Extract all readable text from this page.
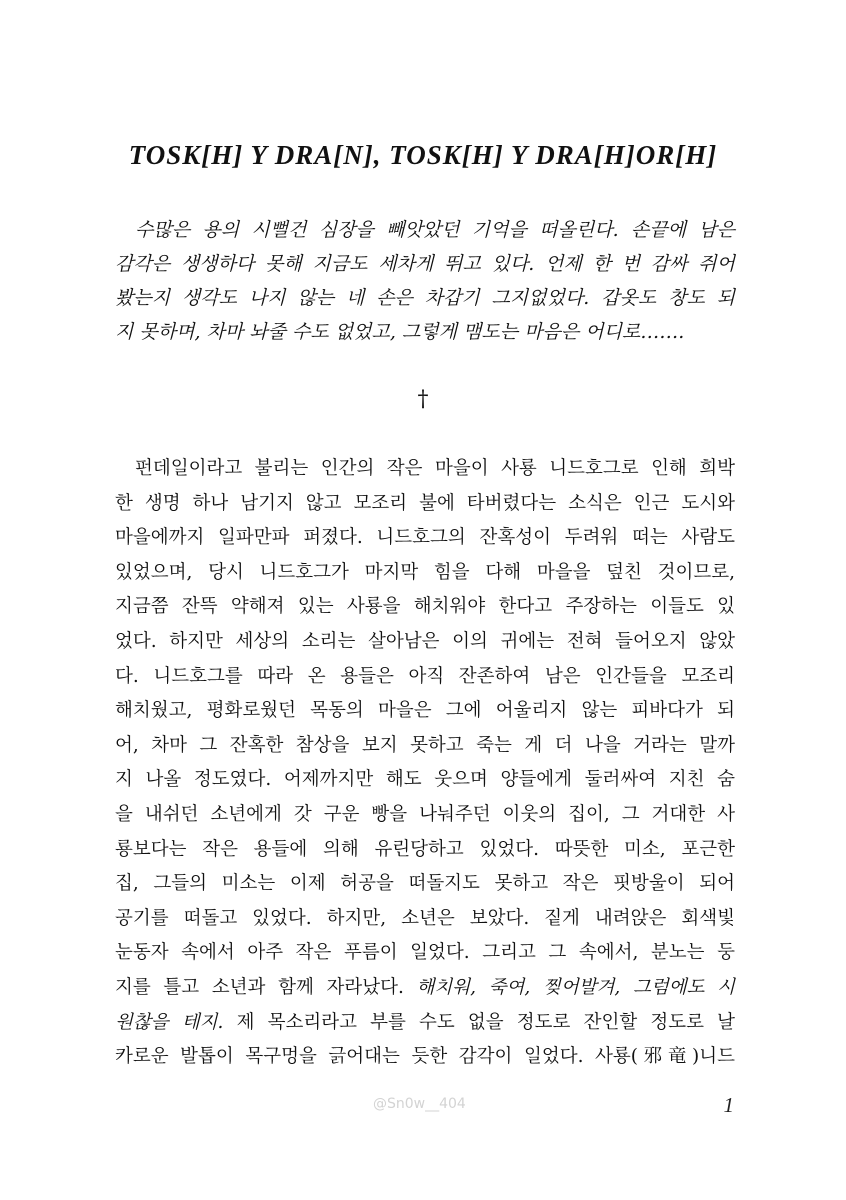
TOSK[H] Y DRA[N], TOSK[H] Y DRA[H]OR[H]
수많은 용의 시뻘건 심장을 빼앗았던 기억을 떠올린다. 손끝에 남은
감각은 생생하다 못해 지금도 세차게 뛰고 있다. 언제 한 번 감싸 쥐어
봤는지 생각도 나지 않는 네 손은 차갑기 그지없었다. 갑옷도 창도 되
지 못하며, 차마 놔줄 수도 없었고, 그렇게 맴도는 마음은 어디로…….
†
펀데일이라고 불리는 인간의 작은 마을이 사룡 니드호그로 인해 희박
한 생명 하나 남기지 않고 모조리 불에 타버렸다는 소식은 인근 도시와
마을에까지 일파만파 퍼졌다. 니드호그의 잔혹성이 두려워 떠는 사람도
있었으며, 당시 니드호그가 마지막 힘을 다해 마을을 덮친 것이므로,
지금쯤 잔뜩 약해져 있는 사룡을 해치워야 한다고 주장하는 이들도 있
었다. 하지만 세상의 소리는 살아남은 이의 귀에는 전혀 들어오지 않았
다. 니드호그를 따라 온 용들은 아직 잔존하여 남은 인간들을 모조리
해치웠고, 평화로웠던 목동의 마을은 그에 어울리지 않는 피바다가 되
어, 차마 그 잔혹한 참상을 보지 못하고 죽는 게 더 나을 거라는 말까
지 나올 정도였다. 어제까지만 해도 웃으며 양들에게 둘러싸여 지친 숨
을 내쉬던 소년에게 갓 구운 빵을 나눠주던 이웃의 집이, 그 거대한 사
룡보다는 작은 용들에 의해 유린당하고 있었다. 따뜻한 미소, 포근한
집, 그들의 미소는 이제 허공을 떠돌지도 못하고 작은 핏방울이 되어
공기를 떠돌고 있었다. 하지만, 소년은 보았다. 짙게 내려앉은 회색빛
눈동자 속에서 아주 작은 푸름이 일었다. 그리고 그 속에서, 분노는 둥
지를 틀고 소년과 함께 자라났다. 해치워, 죽여, 찢어발겨, 그럼에도 시
원찮을 테지. 제 목소리라고 부를 수도 없을 정도로 잔인할 정도로 날
카로운 발톱이 목구멍을 긁어대는 듯한 감각이 일었다. 사룡(邪竜)니드
@Sn0w__404	1
